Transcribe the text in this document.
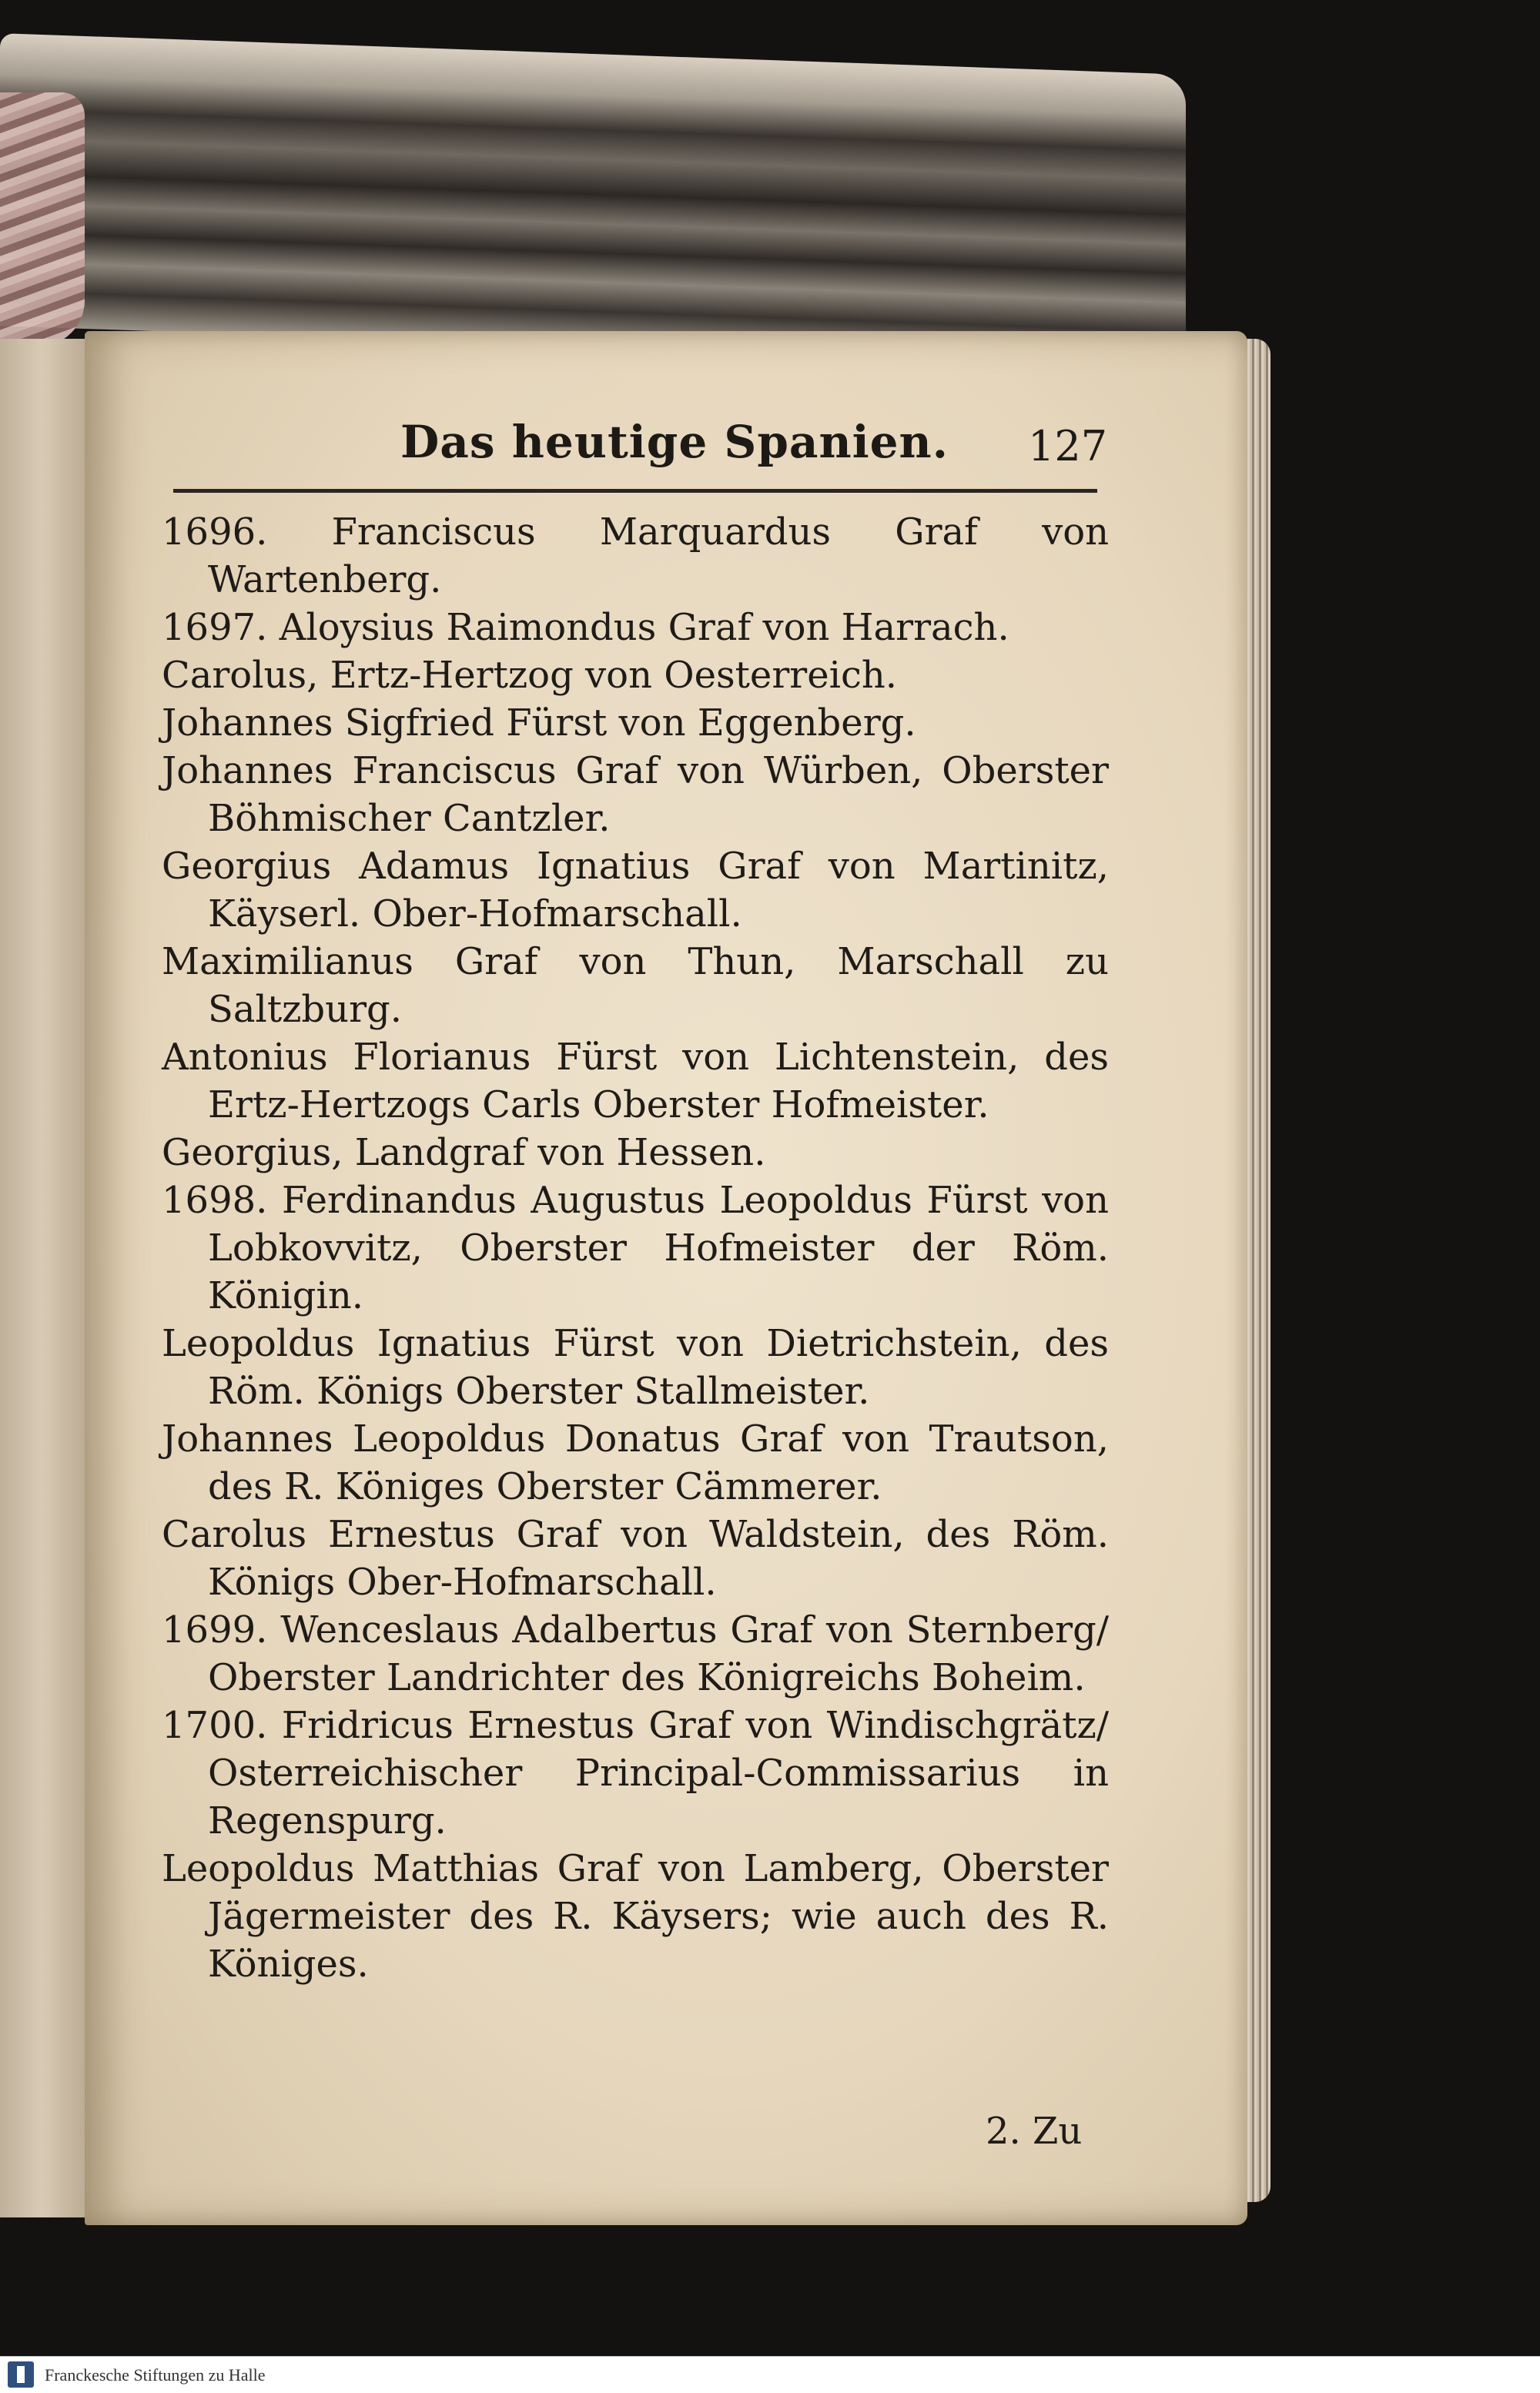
Das heutige Spanien. 127

1696. Franciscus Marquardus Graf von Wartenberg.

1697. Aloysius Raimondus Graf von Harrach.

Carolus, Ertz-Hertzog von Oesterreich.

Johannes Sigfried Fürst von Eggenberg.

Johannes Franciscus Graf von Würben, Oberster Böhmischer Cantzler.

Georgius Adamus Ignatius Graf von Martinitz, Käyserl. Ober-Hofmarschall.

Maximilianus Graf von Thun, Marschall zu Saltzburg.

Antonius Florianus Fürst von Lichtenstein, des Ertz-Hertzogs Carls Oberster Hofmeister.

Georgius, Landgraf von Hessen.

1698. Ferdinandus Augustus Leopoldus Fürst von Lobkovvitz, Oberster Hofmeister der Röm. Königin.

Leopoldus Ignatius Fürst von Dietrichstein, des Röm. Königs Oberster Stallmeister.

Johannes Leopoldus Donatus Graf von Trautson, des R. Königes Oberster Cämmerer.

Carolus Ernestus Graf von Waldstein, des Röm. Königs Ober-Hofmarschall.

1699. Wenceslaus Adalbertus Graf von Sternberg/ Oberster Landrichter des Königreichs Boheim.

1700. Fridricus Ernestus Graf von Windischgrätz/ Osterreichischer Principal-Commissarius in Regenspurg.

Leopoldus Matthias Graf von Lamberg, Oberster Jägermeister des R. Käysers; wie auch des R. Königes.

2. Zu
Franckesche Stiftungen zu Halle
